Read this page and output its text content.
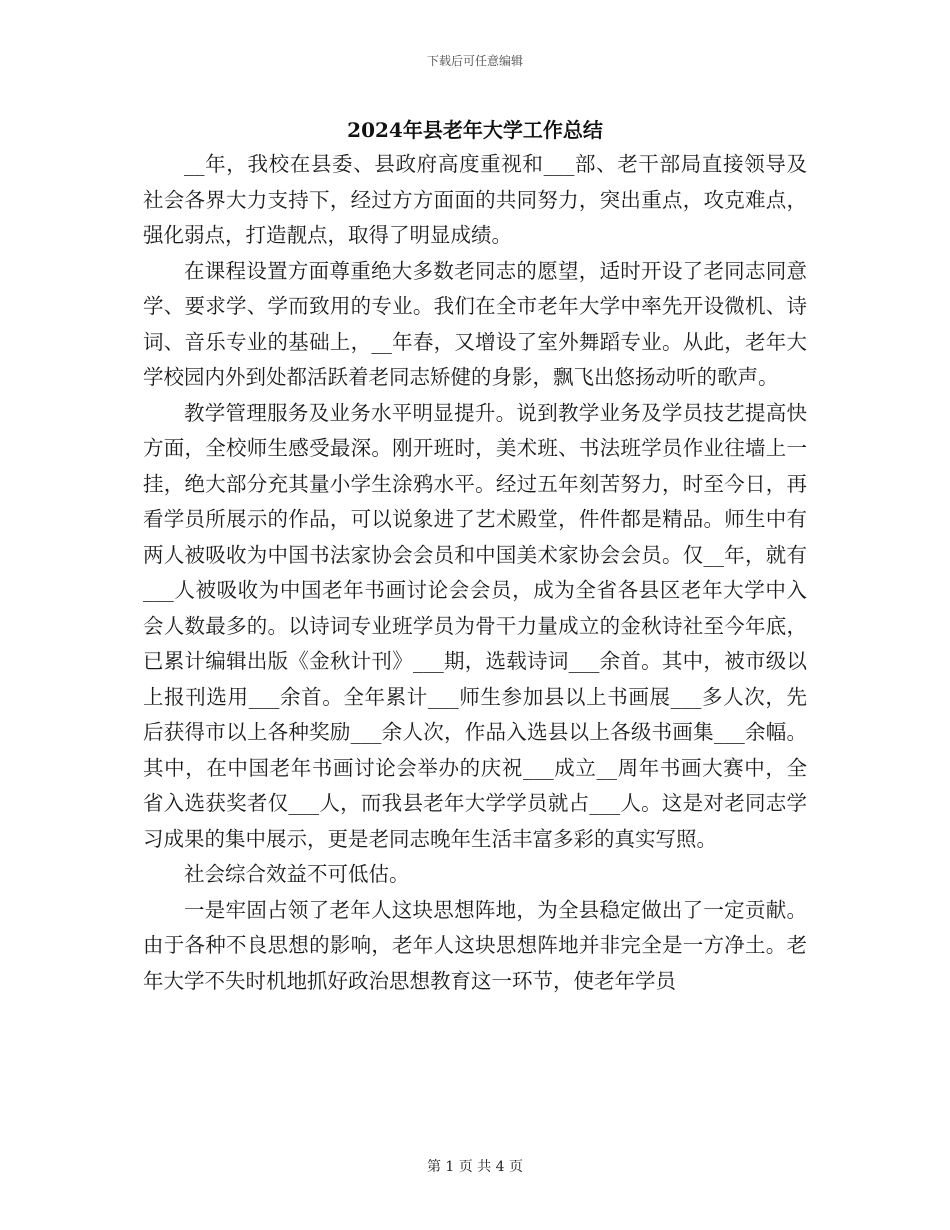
下载后可任意编辑
2024年县老年大学工作总结

__年，我校在县委、县政府高度重视和___部、老干部局直接领导及社会各界大力支持下，经过方方面面的共同努力，突出重点，攻克难点，强化弱点，打造靓点，取得了明显成绩。

在课程设置方面尊重绝大多数老同志的愿望，适时开设了老同志同意学、要求学、学而致用的专业。我们在全市老年大学中率先开设微机、诗词、音乐专业的基础上，__年春，又增设了室外舞蹈专业。从此，老年大学校园内外到处都活跃着老同志矫健的身影，飘飞出悠扬动听的歌声。

教学管理服务及业务水平明显提升。说到教学业务及学员技艺提高快方面，全校师生感受最深。刚开班时，美术班、书法班学员作业往墙上一挂，绝大部分充其量小学生涂鸦水平。经过五年刻苦努力，时至今日，再看学员所展示的作品，可以说象进了艺术殿堂，件件都是精品。师生中有两人被吸收为中国书法家协会会员和中国美术家协会会员。仅__年，就有___人被吸收为中国老年书画讨论会会员，成为全省各县区老年大学中入会人数最多的。以诗词专业班学员为骨干力量成立的金秋诗社至今年底，已累计编辑出版《金秋计刊》___期，选载诗词___余首。其中，被市级以上报刊选用___余首。全年累计___师生参加县以上书画展___多人次，先后获得市以上各种奖励___余人次，作品入选县以上各级书画集___余幅。其中，在中国老年书画讨论会举办的庆祝___成立__周年书画大赛中，全省入选获奖者仅___人，而我县老年大学学员就占___人。这是对老同志学习成果的集中展示，更是老同志晚年生活丰富多彩的真实写照。

社会综合效益不可低估。

一是牢固占领了老年人这块思想阵地，为全县稳定做出了一定贡献。由于各种不良思想的影响，老年人这块思想阵地并非完全是一方净土。老年大学不失时机地抓好政治思想教育这一环节，使老年学员

第 1 页 共 4 页
